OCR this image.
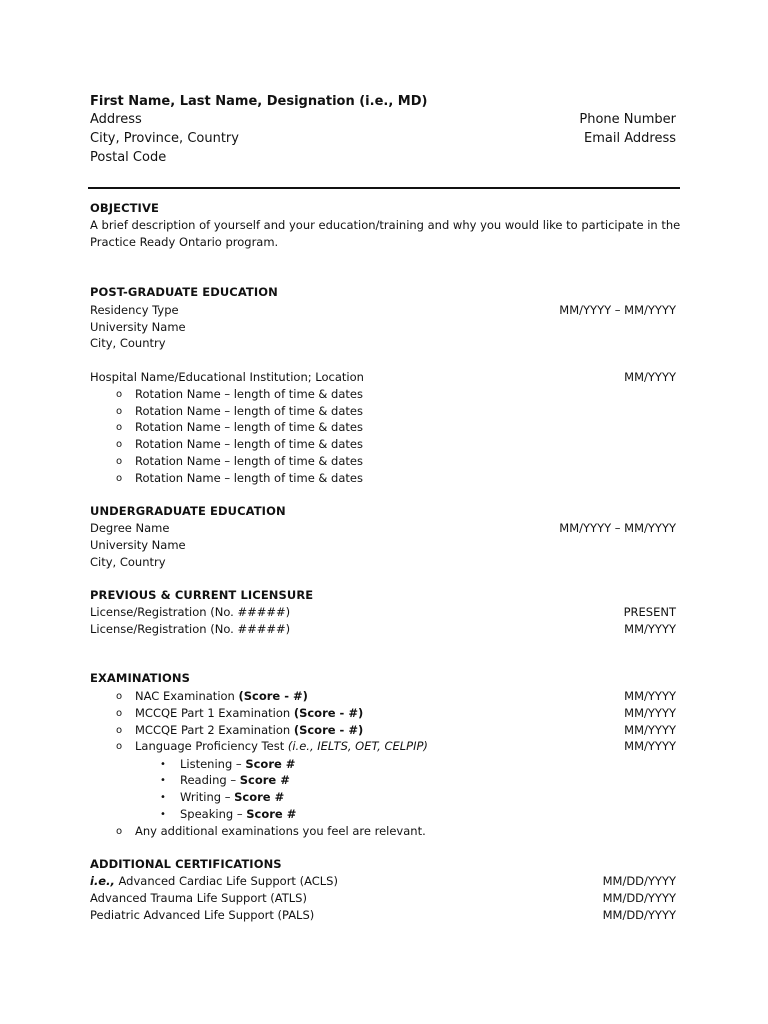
First Name, Last Name, Designation (i.e., MD)
Address
City, Province, Country
Postal Code
Phone Number
Email Address
OBJECTIVE
A brief description of yourself and your education/training and why you would like to participate in the
Practice Ready Ontario program.
POST-GRADUATE EDUCATION
Residency Type	MM/YYYY – MM/YYYY
University Name
City, Country
Hospital Name/Educational Institution; Location	MM/YYYY
o Rotation Name – length of time & dates
o Rotation Name – length of time & dates
o Rotation Name – length of time & dates
o Rotation Name – length of time & dates
o Rotation Name – length of time & dates
o Rotation Name – length of time & dates
UNDERGRADUATE EDUCATION
Degree Name	MM/YYYY – MM/YYYY
University Name
City, Country
PREVIOUS & CURRENT LICENSURE
License/Registration (No. #####)	PRESENT
License/Registration (No. #####)	MM/YYYY
EXAMINATIONS
o NAC Examination (Score - #)	MM/YYYY
o MCCQE Part 1 Examination (Score - #)	MM/YYYY
o MCCQE Part 2 Examination (Score - #)	MM/YYYY
o Language Proficiency Test (i.e., IELTS, OET, CELPIP)	MM/YYYY
• Listening – Score #
• Reading – Score #
• Writing – Score #
• Speaking – Score #
o Any additional examinations you feel are relevant.
ADDITIONAL CERTIFICATIONS
i.e., Advanced Cardiac Life Support (ACLS)	MM/DD/YYYY
Advanced Trauma Life Support (ATLS)	MM/DD/YYYY
Pediatric Advanced Life Support (PALS)	MM/DD/YYYY
